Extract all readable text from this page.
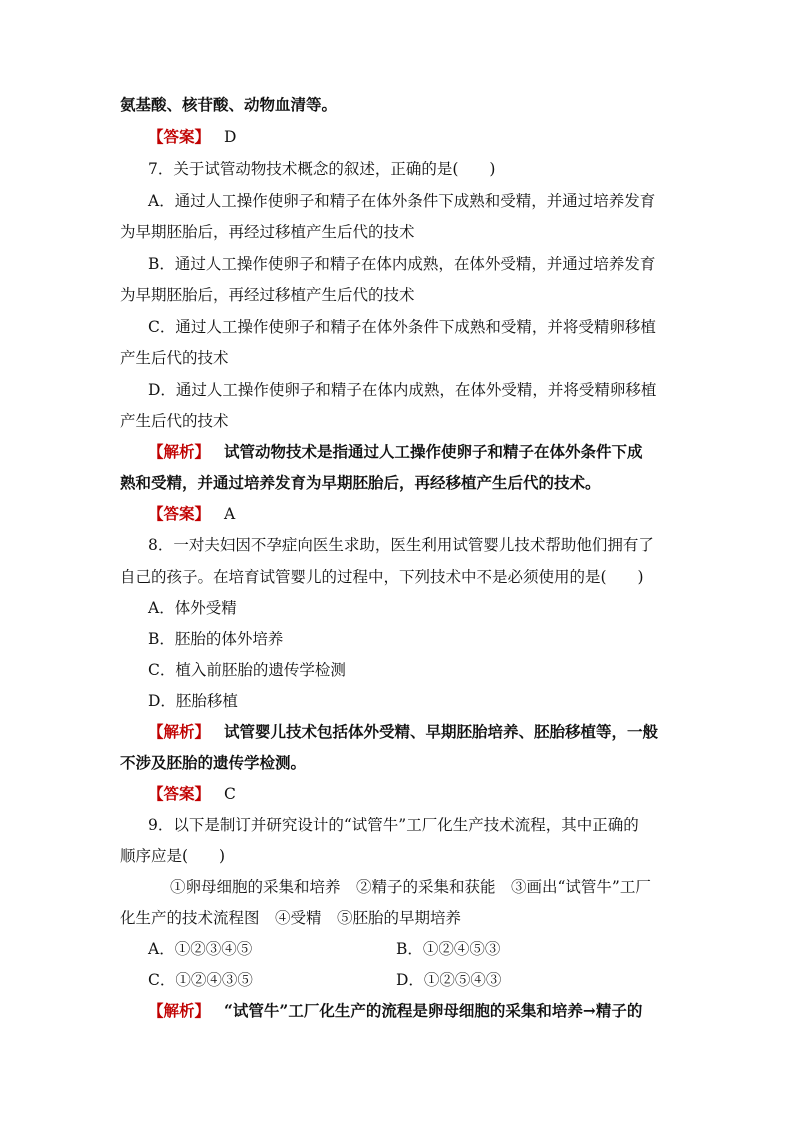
氨基酸、核苷酸、动物血清等。
【答案】 D
7．关于试管动物技术概念的叙述，正确的是(　　)
A．通过人工操作使卵子和精子在体外条件下成熟和受精，并通过培养发育
为早期胚胎后，再经过移植产生后代的技术
B．通过人工操作使卵子和精子在体内成熟，在体外受精，并通过培养发育
为早期胚胎后，再经过移植产生后代的技术
C．通过人工操作使卵子和精子在体外条件下成熟和受精，并将受精卵移植
产生后代的技术
D．通过人工操作使卵子和精子在体内成熟，在体外受精，并将受精卵移植
产生后代的技术
【解析】 试管动物技术是指通过人工操作使卵子和精子在体外条件下成
熟和受精，并通过培养发育为早期胚胎后，再经移植产生后代的技术。
【答案】 A
8．一对夫妇因不孕症向医生求助，医生利用试管婴儿技术帮助他们拥有了
自己的孩子。在培育试管婴儿的过程中，下列技术中不是必须使用的是(　　)
A．体外受精
B．胚胎的体外培养
C．植入前胚胎的遗传学检测
D．胚胎移植
【解析】 试管婴儿技术包括体外受精、早期胚胎培养、胚胎移植等，一般
不涉及胚胎的遗传学检测。
【答案】 C
9．以下是制订并研究设计的“试管牛”工厂化生产技术流程，其中正确的
顺序应是(　　)
①卵母细胞的采集和培养　②精子的采集和获能　③画出“试管牛”工厂
化生产的技术流程图　④受精　⑤胚胎的早期培养
A．①②③④⑤	B．①②④⑤③
C．①②④③⑤	D．①②⑤④③
【解析】 “试管牛”工厂化生产的流程是卵母细胞的采集和培养→精子的
